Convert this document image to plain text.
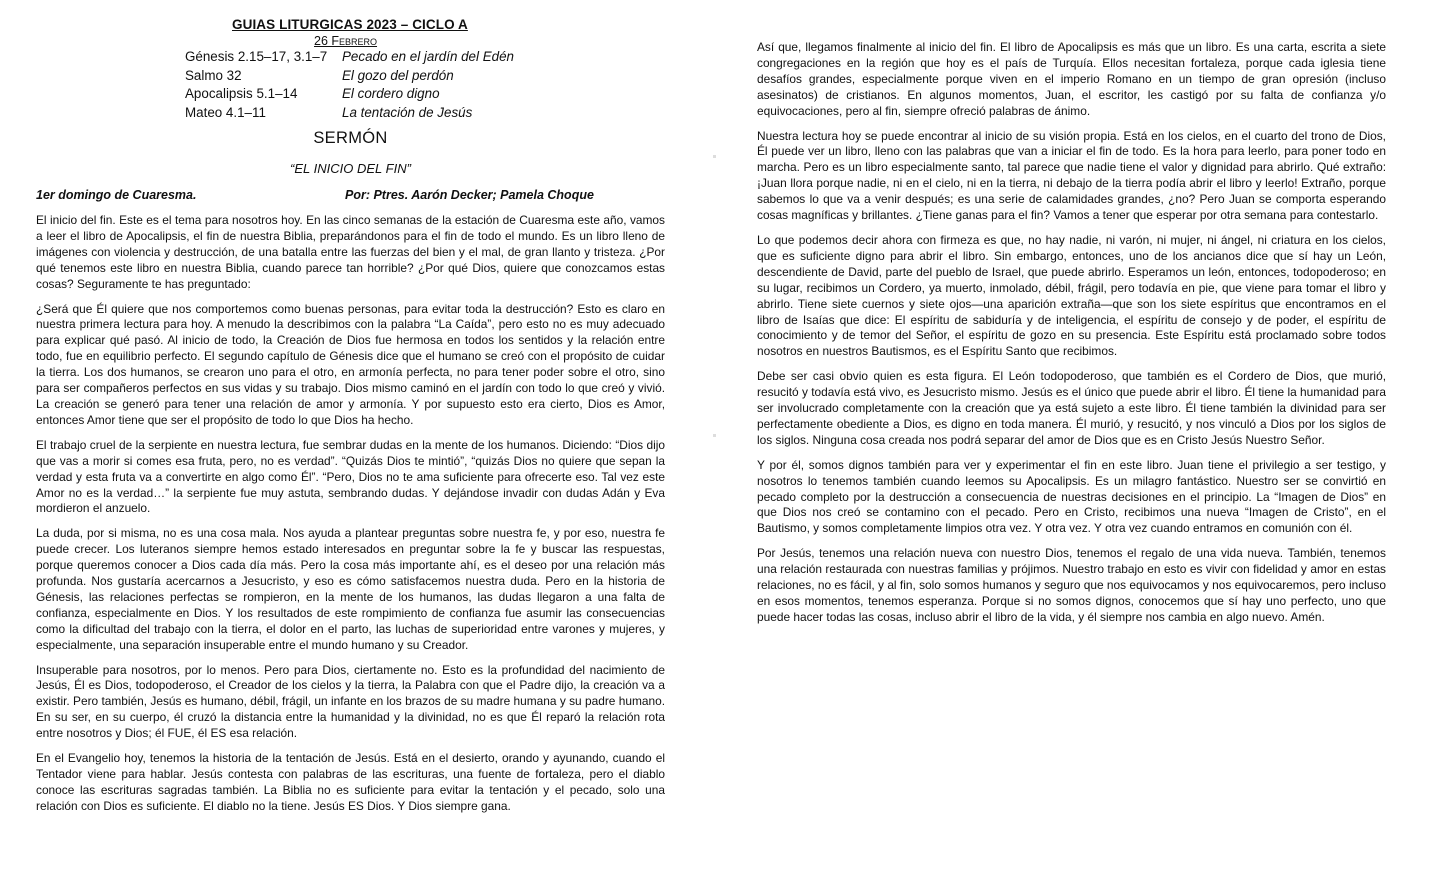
GUIAS LITURGICAS 2023 – CICLO A
26 Febrero
Génesis 2.15–17, 3.1–7	Pecado en el jardín del Edén
Salmo 32	El gozo del perdón
Apocalipsis 5.1–14	El cordero digno
Mateo 4.1–11	La tentación de Jesús
SERMÓN
“EL INICIO DEL FIN”
1er domingo de Cuaresma.	Por: Ptres. Aarón Decker; Pamela Choque

El inicio del fin. Este es el tema para nosotros hoy. En las cinco semanas de la estación de Cuaresma este año, vamos a leer el libro de Apocalipsis, el fin de nuestra Biblia, preparándonos para el fin de todo el mundo. Es un libro lleno de imágenes con violencia y destrucción, de una batalla entre las fuerzas del bien y el mal, de gran llanto y tristeza. ¿Por qué tenemos este libro en nuestra Biblia, cuando parece tan horrible? ¿Por qué Dios, quiere que conozcamos estas cosas? Seguramente te has preguntado:

¿Será que Él quiere que nos comportemos como buenas personas, para evitar toda la destrucción? Esto es claro en nuestra primera lectura para hoy. A menudo la describimos con la palabra “La Caída”, pero esto no es muy adecuado para explicar qué pasó. Al inicio de todo, la Creación de Dios fue hermosa en todos los sentidos y la relación entre todo, fue en equilibrio perfecto. El segundo capítulo de Génesis dice que el humano se creó con el propósito de cuidar la tierra. Los dos humanos, se crearon uno para el otro, en armonía perfecta, no para tener poder sobre el otro, sino para ser compañeros perfectos en sus vidas y su trabajo. Dios mismo caminó en el jardín con todo lo que creó y vivió. La creación se generó para tener una relación de amor y armonía. Y por supuesto esto era cierto, Dios es Amor, entonces Amor tiene que ser el propósito de todo lo que Dios ha hecho.

El trabajo cruel de la serpiente en nuestra lectura, fue sembrar dudas en la mente de los humanos. Diciendo: “Dios dijo que vas a morir si comes esa fruta, pero, no es verdad”. “Quizás Dios te mintió”, “quizás Dios no quiere que sepan la verdad y esta fruta va a convertirte en algo como Él”. “Pero, Dios no te ama suficiente para ofrecerte eso. Tal vez este Amor no es la verdad…” la serpiente fue muy astuta, sembrando dudas. Y dejándose invadir con dudas Adán y Eva mordieron el anzuelo.

La duda, por si misma, no es una cosa mala. Nos ayuda a plantear preguntas sobre nuestra fe, y por eso, nuestra fe puede crecer. Los luteranos siempre hemos estado interesados en preguntar sobre la fe y buscar las respuestas, porque queremos conocer a Dios cada día más. Pero la cosa más importante ahí, es el deseo por una relación más profunda. Nos gustaría acercarnos a Jesucristo, y eso es cómo satisfacemos nuestra duda. Pero en la historia de Génesis, las relaciones perfectas se rompieron, en la mente de los humanos, las dudas llegaron a una falta de confianza, especialmente en Dios. Y los resultados de este rompimiento de confianza fue asumir las consecuencias como la dificultad del trabajo con la tierra, el dolor en el parto, las luchas de superioridad entre varones y mujeres, y especialmente, una separación insuperable entre el mundo humano y su Creador.

Insuperable para nosotros, por lo menos. Pero para Dios, ciertamente no. Esto es la profundidad del nacimiento de Jesús, Él es Dios, todopoderoso, el Creador de los cielos y la tierra, la Palabra con que el Padre dijo, la creación va a existir. Pero también, Jesús es humano, débil, frágil, un infante en los brazos de su madre humana y su padre humano. En su ser, en su cuerpo, él cruzó la distancia entre la humanidad y la divinidad, no es que Él reparó la relación rota entre nosotros y Dios; él FUE, él ES esa relación.

En el Evangelio hoy, tenemos la historia de la tentación de Jesús. Está en el desierto, orando y ayunando, cuando el Tentador viene para hablar. Jesús contesta con palabras de las escrituras, una fuente de fortaleza, pero el diablo conoce las escrituras sagradas también. La Biblia no es suficiente para evitar la tentación y el pecado, solo una relación con Dios es suficiente. El diablo no la tiene. Jesús ES Dios. Y Dios siempre gana.

Así que, llegamos finalmente al inicio del fin. El libro de Apocalipsis es más que un libro. Es una carta, escrita a siete congregaciones en la región que hoy es el país de Turquía. Ellos necesitan fortaleza, porque cada iglesia tiene desafíos grandes, especialmente porque viven en el imperio Romano en un tiempo de gran opresión (incluso asesinatos) de cristianos. En algunos momentos, Juan, el escritor, les castigó por su falta de confianza y/o equivocaciones, pero al fin, siempre ofreció palabras de ánimo.

Nuestra lectura hoy se puede encontrar al inicio de su visión propia. Está en los cielos, en el cuarto del trono de Dios, Él puede ver un libro, lleno con las palabras que van a iniciar el fin de todo. Es la hora para leerlo, para poner todo en marcha. Pero es un libro especialmente santo, tal parece que nadie tiene el valor y dignidad para abrirlo. Qué extraño: ¡Juan llora porque nadie, ni en el cielo, ni en la tierra, ni debajo de la tierra podía abrir el libro y leerlo! Extraño, porque sabemos lo que va a venir después; es una serie de calamidades grandes, ¿no? Pero Juan se comporta esperando cosas magníficas y brillantes. ¿Tiene ganas para el fin? Vamos a tener que esperar por otra semana para contestarlo.

Lo que podemos decir ahora con firmeza es que, no hay nadie, ni varón, ni mujer, ni ángel, ni criatura en los cielos, que es suficiente digno para abrir el libro. Sin embargo, entonces, uno de los ancianos dice que sí hay un León, descendiente de David, parte del pueblo de Israel, que puede abrirlo. Esperamos un león, entonces, todopoderoso; en su lugar, recibimos un Cordero, ya muerto, inmolado, débil, frágil, pero todavía en pie, que viene para tomar el libro y abrirlo. Tiene siete cuernos y siete ojos—una aparición extraña—que son los siete espíritus que encontramos en el libro de Isaías que dice: El espíritu de sabiduría y de inteligencia, el espíritu de consejo y de poder, el espíritu de conocimiento y de temor del Señor, el espíritu de gozo en su presencia. Este Espíritu está proclamado sobre todos nosotros en nuestros Bautismos, es el Espíritu Santo que recibimos.

Debe ser casi obvio quien es esta figura. El León todopoderoso, que también es el Cordero de Dios, que murió, resucitó y todavía está vivo, es Jesucristo mismo. Jesús es el único que puede abrir el libro. Él tiene la humanidad para ser involucrado completamente con la creación que ya está sujeto a este libro. Él tiene también la divinidad para ser perfectamente obediente a Dios, es digno en toda manera. Él murió, y resucitó, y nos vinculó a Dios por los siglos de los siglos. Ninguna cosa creada nos podrá separar del amor de Dios que es en Cristo Jesús Nuestro Señor.

Y por él, somos dignos también para ver y experimentar el fin en este libro. Juan tiene el privilegio a ser testigo, y nosotros lo tenemos también cuando leemos su Apocalipsis. Es un milagro fantástico. Nuestro ser se convirtió en pecado completo por la destrucción a consecuencia de nuestras decisiones en el principio. La “Imagen de Dios” en que Dios nos creó se contamino con el pecado. Pero en Cristo, recibimos una nueva “Imagen de Cristo”, en el Bautismo, y somos completamente limpios otra vez. Y otra vez. Y otra vez cuando entramos en comunión con él.

Por Jesús, tenemos una relación nueva con nuestro Dios, tenemos el regalo de una vida nueva. También, tenemos una relación restaurada con nuestras familias y prójimos. Nuestro trabajo en esto es vivir con fidelidad y amor en estas relaciones, no es fácil, y al fin, solo somos humanos y seguro que nos equivocamos y nos equivocaremos, pero incluso en esos momentos, tenemos esperanza. Porque si no somos dignos, conocemos que sí hay uno perfecto, uno que puede hacer todas las cosas, incluso abrir el libro de la vida, y él siempre nos cambia en algo nuevo. Amén.
